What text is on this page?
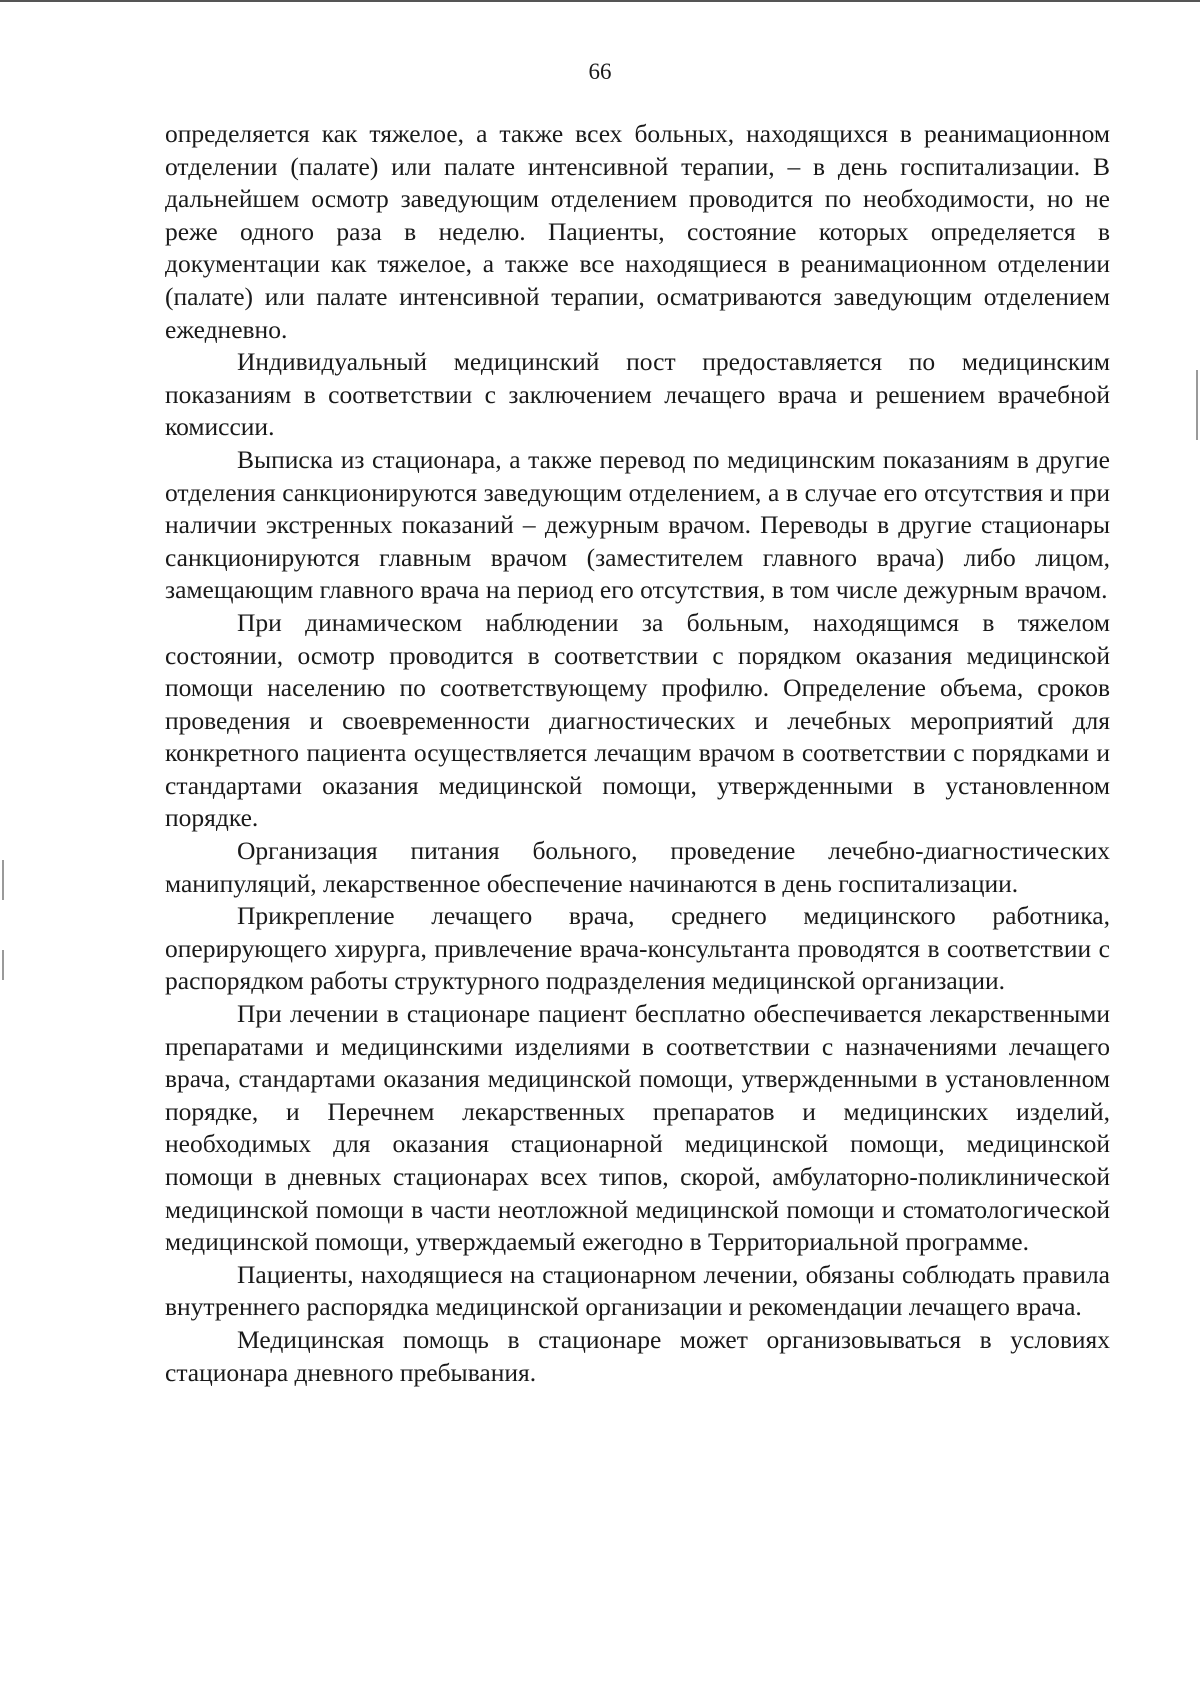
66

определяется как тяжелое, а также всех больных, находящихся в реанимационном отделении (палате) или палате интенсивной терапии, – в день госпитализации. В дальнейшем осмотр заведующим отделением проводится по необходимости, но не реже одного раза в неделю. Пациенты, состояние которых определяется в документации как тяжелое, а также все находящиеся в реанимационном отделении (палате) или палате интенсивной терапии, осматриваются заведующим отделением ежедневно.

Индивидуальный медицинский пост предоставляется по медицинским показаниям в соответствии с заключением лечащего врача и решением врачебной комиссии.

Выписка из стационара, а также перевод по медицинским показаниям в другие отделения санкционируются заведующим отделением, а в случае его отсутствия и при наличии экстренных показаний – дежурным врачом. Переводы в другие стационары санкционируются главным врачом (заместителем главного врача) либо лицом, замещающим главного врача на период его отсутствия, в том числе дежурным врачом.

При динамическом наблюдении за больным, находящимся в тяжелом состоянии, осмотр проводится в соответствии с порядком оказания медицинской помощи населению по соответствующему профилю. Определение объема, сроков проведения и своевременности диагностических и лечебных мероприятий для конкретного пациента осуществляется лечащим врачом в соответствии с порядками и стандартами оказания медицинской помощи, утвержденными в установленном порядке.

Организация питания больного, проведение лечебно-диагностических манипуляций, лекарственное обеспечение начинаются в день госпитализации.

Прикрепление лечащего врача, среднего медицинского работника, оперирующего хирурга, привлечение врача-консультанта проводятся в соответствии с распорядком работы структурного подразделения медицинской организации.

При лечении в стационаре пациент бесплатно обеспечивается лекарственными препаратами и медицинскими изделиями в соответствии с назначениями лечащего врача, стандартами оказания медицинской помощи, утвержденными в установленном порядке, и Перечнем лекарственных препаратов и медицинских изделий, необходимых для оказания стационарной медицинской помощи, медицинской помощи в дневных стационарах всех типов, скорой, амбулаторно-поликлинической медицинской помощи в части неотложной медицинской помощи и стоматологической медицинской помощи, утверждаемый ежегодно в Территориальной программе.

Пациенты, находящиеся на стационарном лечении, обязаны соблюдать правила внутреннего распорядка медицинской организации и рекомендации лечащего врача.

Медицинская помощь в стационаре может организовываться в условиях стационара дневного пребывания.
